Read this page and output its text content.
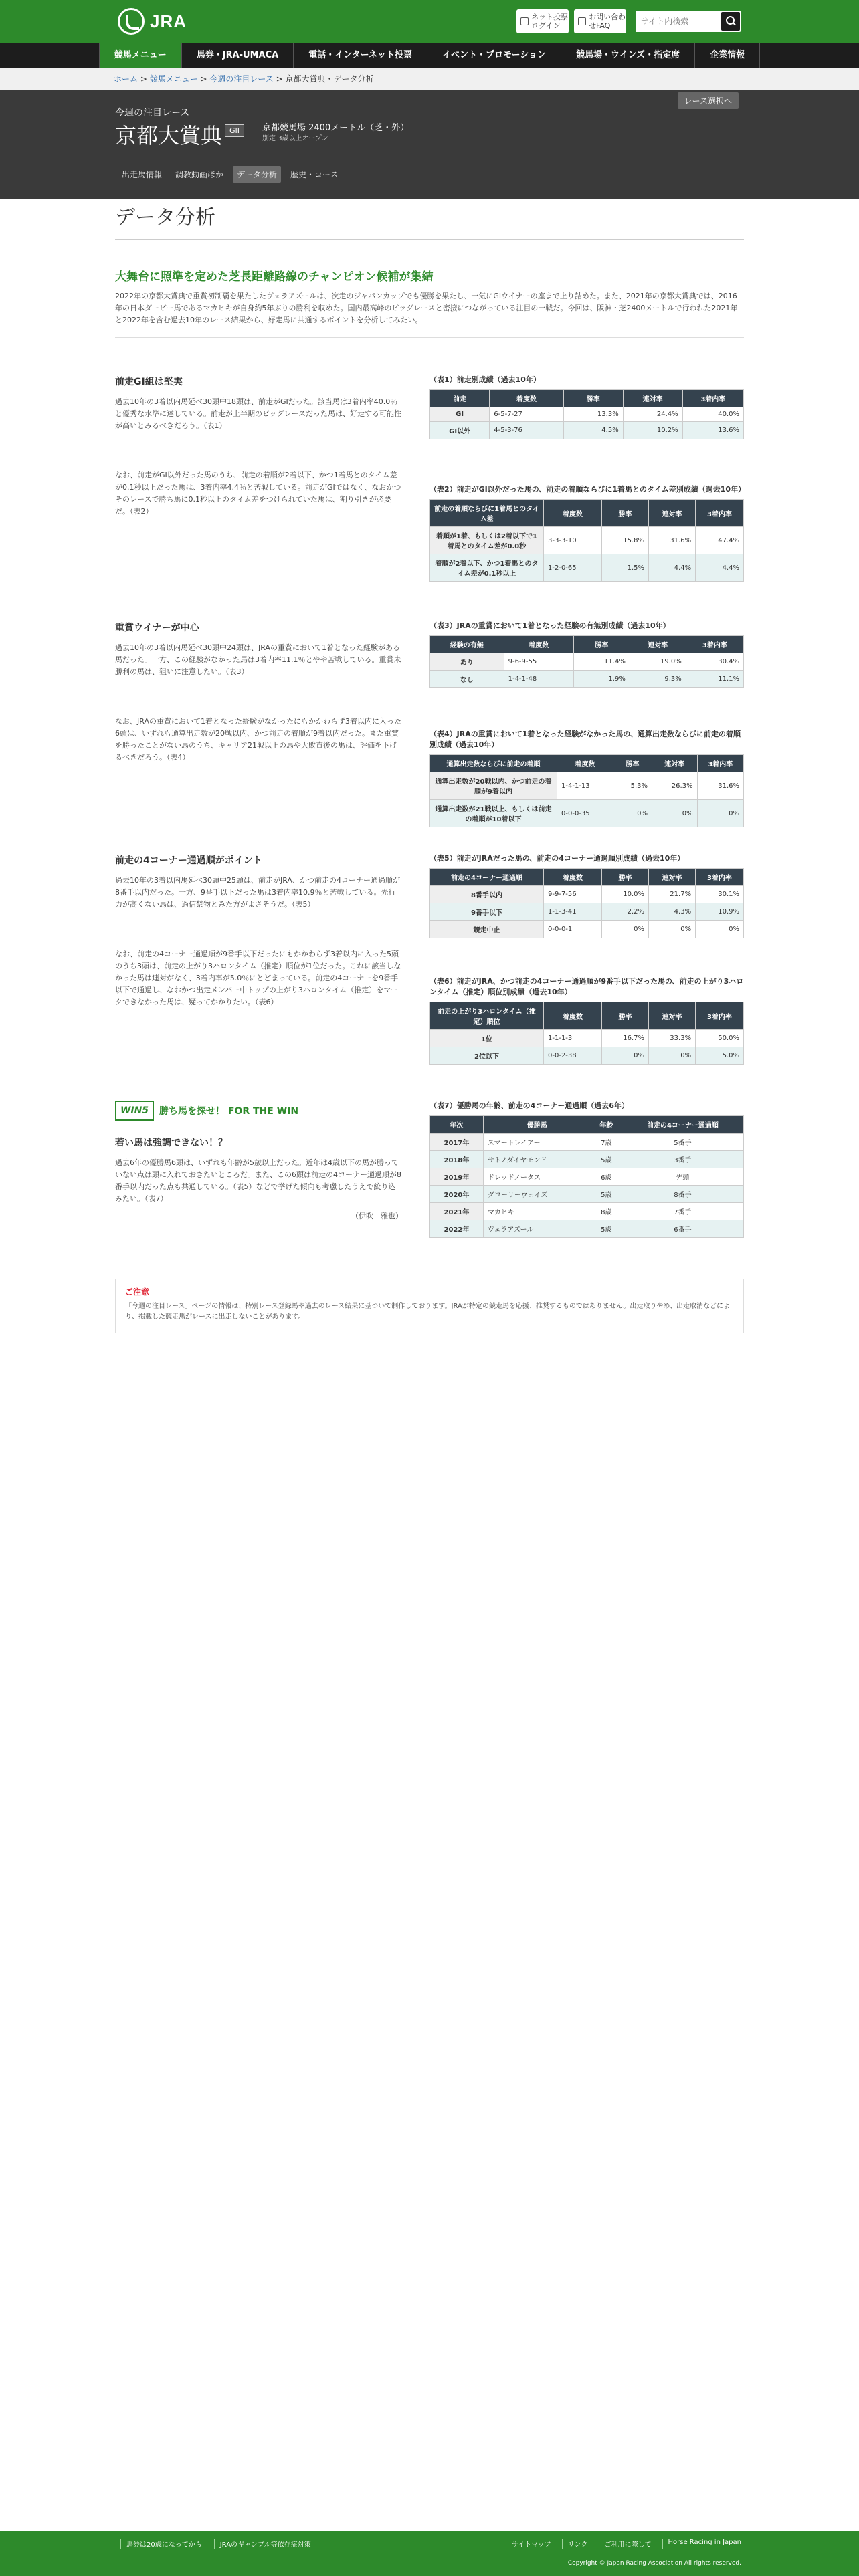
JRA	ネット投票ログイン
お問い合わせFAQ
サイト内検索
競馬メニュー	馬券・JRA-UMACA	電話・インターネット投票	イベント・プロモーション	競馬場・ウインズ・指定席	企業情報
ホーム > 競馬メニュー > 今週の注目レース > 京都大賞典・データ分析
レース選択へ
今週の注目レース
京都大賞典 GII	京都競馬場 2400メートル（芝・外）
別定 3歳以上オープン
出走馬情報	調教動画ほか	データ分析	歴史・コース
データ分析
大舞台に照準を定めた芝長距離路線のチャンピオン候補が集結
2022年の京都大賞典で重賞初制覇を果たしたヴェラアズールは、次走のジャパンカップでも優勝を果たし、一気にGⅠウイナーの座まで上り詰めた。また、2021年の京都大賞典では、2016年の日本ダービー馬であるマカヒキが自身約5年ぶりの勝利を収めた。国内最高峰のビッグレースと密接につながっている注目の一戦だ。今回は、阪神・芝2400メートルで行われた2021年と2022年を含む過去10年のレース結果から、好走馬に共通するポイントを分析してみたい。
前走GⅠ組は堅実
過去10年の3着以内馬延べ30頭中18頭は、前走がGⅠだった。該当馬は3着内率40.0％と優秀な水準に達している。前走が上半期のビッグレースだった馬は、好走する可能性が高いとみるべきだろう。（表1）
なお、前走がGⅠ以外だった馬のうち、前走の着順が2着以下、かつ1着馬とのタイム差が0.1秒以上だった馬は、3着内率4.4％と苦戦している。前走がGⅠではなく、なおかつそのレースで勝ち馬に0.1秒以上のタイム差をつけられていた馬は、割り引きが必要だ。（表2）
重賞ウイナーが中心
過去10年の3着以内馬延べ30頭中24頭は、JRAの重賞において1着となった経験がある馬だった。一方、この経験がなかった馬は3着内率11.1％とやや苦戦している。重賞未勝利の馬は、狙いに注意したい。（表3）
なお、JRAの重賞において1着となった経験がなかったにもかかわらず3着以内に入った6頭は、いずれも通算出走数が20戦以内、かつ前走の着順が9着以内だった。また重賞を勝ったことがない馬のうち、キャリア21戦以上の馬や大敗直後の馬は、評価を下げるべきだろう。（表4）
前走の4コーナー通過順がポイント
過去10年の3着以内馬延べ30頭中25頭は、前走がJRA、かつ前走の4コーナー通過順が8番手以内だった。一方、9番手以下だった馬は3着内率10.9％と苦戦している。先行力が高くない馬は、過信禁物とみた方がよさそうだ。（表5）
なお、前走の4コーナー通過順が9番手以下だったにもかかわらず3着以内に入った5頭のうち3頭は、前走の上がり3ハロンタイム（推定）順位が1位だった。これに該当しなかった馬は連対がなく、3着内率が5.0％にとどまっている。前走の4コーナーを9番手以下で通過し、なおかつ出走メンバー中トップの上がり3ハロンタイム（推定）をマークできなかった馬は、疑ってかかりたい。（表6）
WIN5	勝ち馬を探せ！ FOR THE WIN
若い馬は強調できない！？
過去6年の優勝馬6頭は、いずれも年齢が5歳以上だった。近年は4歳以下の馬が勝っていない点は頭に入れておきたいところだ。また、この6頭は前走の4コーナー通過順が8番手以内だった点も共通している。（表5）などで挙げた傾向も考慮したうえで絞り込みたい。（表7）
（伊吹　雅也）
（表1）前走別成績（過去10年）
前走	着度数	勝率	連対率	3着内率
GⅠ	6-5-7-27	13.3%	24.4%	40.0%
GⅠ以外	4-5-3-76	4.5%	10.2%	13.6%
（表2）前走がGⅠ以外だった馬の、前走の着順ならびに1着馬とのタイム差別成績（過去10年）
前走の着順ならびに1着馬とのタイム差	着度数	勝率	連対率	3着内率
着順が1着、もしくは2着以下で1着馬とのタイム差が0.0秒	3-3-3-10	15.8%	31.6%	47.4%
着順が2着以下、かつ1着馬とのタイム差が0.1秒以上	1-2-0-65	1.5%	4.4%	4.4%
（表3）JRAの重賞において1着となった経験の有無別成績（過去10年）
経験の有無	着度数	勝率	連対率	3着内率
あり	9-6-9-55	11.4%	19.0%	30.4%
なし	1-4-1-48	1.9%	9.3%	11.1%
（表4）JRAの重賞において1着となった経験がなかった馬の、通算出走数ならびに前走の着順別成績（過去10年）
通算出走数ならびに前走の着順	着度数	勝率	連対率	3着内率
通算出走数が20戦以内、かつ前走の着順が9着以内	1-4-1-13	5.3%	26.3%	31.6%
通算出走数が21戦以上、もしくは前走の着順が10着以下	0-0-0-35	0%	0%	0%
（表5）前走がJRAだった馬の、前走の4コーナー通過順別成績（過去10年）
前走の4コーナー通過順	着度数	勝率	連対率	3着内率
8番手以内	9-9-7-56	10.0%	21.7%	30.1%
9番手以下	1-1-3-41	2.2%	4.3%	10.9%
競走中止	0-0-0-1	0%	0%	0%
（表6）前走がJRA、かつ前走の4コーナー通過順が9番手以下だった馬の、前走の上がり3ハロンタイム（推定）順位別成績（過去10年）
前走の上がり3ハロンタイム（推定）順位	着度数	勝率	連対率	3着内率
1位	1-1-1-3	16.7%	33.3%	50.0%
2位以下	0-0-2-38	0%	0%	5.0%
（表7）優勝馬の年齢、前走の4コーナー通過順（過去6年）
年次	優勝馬	年齢	前走の4コーナー通過順
2017年	スマートレイアー	7歳	5番手
2018年	サトノダイヤモンド	5歳	3番手
2019年	ドレッドノータス	6歳	先頭
2020年	グローリーヴェイズ	5歳	8番手
2021年	マカヒキ	8歳	7番手
2022年	ヴェラアズール	5歳	6番手
ご注意
「今週の注目レース」ページの情報は、特別レース登録馬や過去のレース結果に基づいて制作しております。JRAが特定の競走馬を応援、推奨するものではありません。出走取りやめ、出走取消などにより、掲載した競走馬がレースに出走しないことがあります。
馬券は20歳になってから	JRAのギャンブル等依存症対策	サイトマップ	リンク	ご利用に際して	Horse Racing in Japan
Copyright © Japan Racing Association All rights reserved.
